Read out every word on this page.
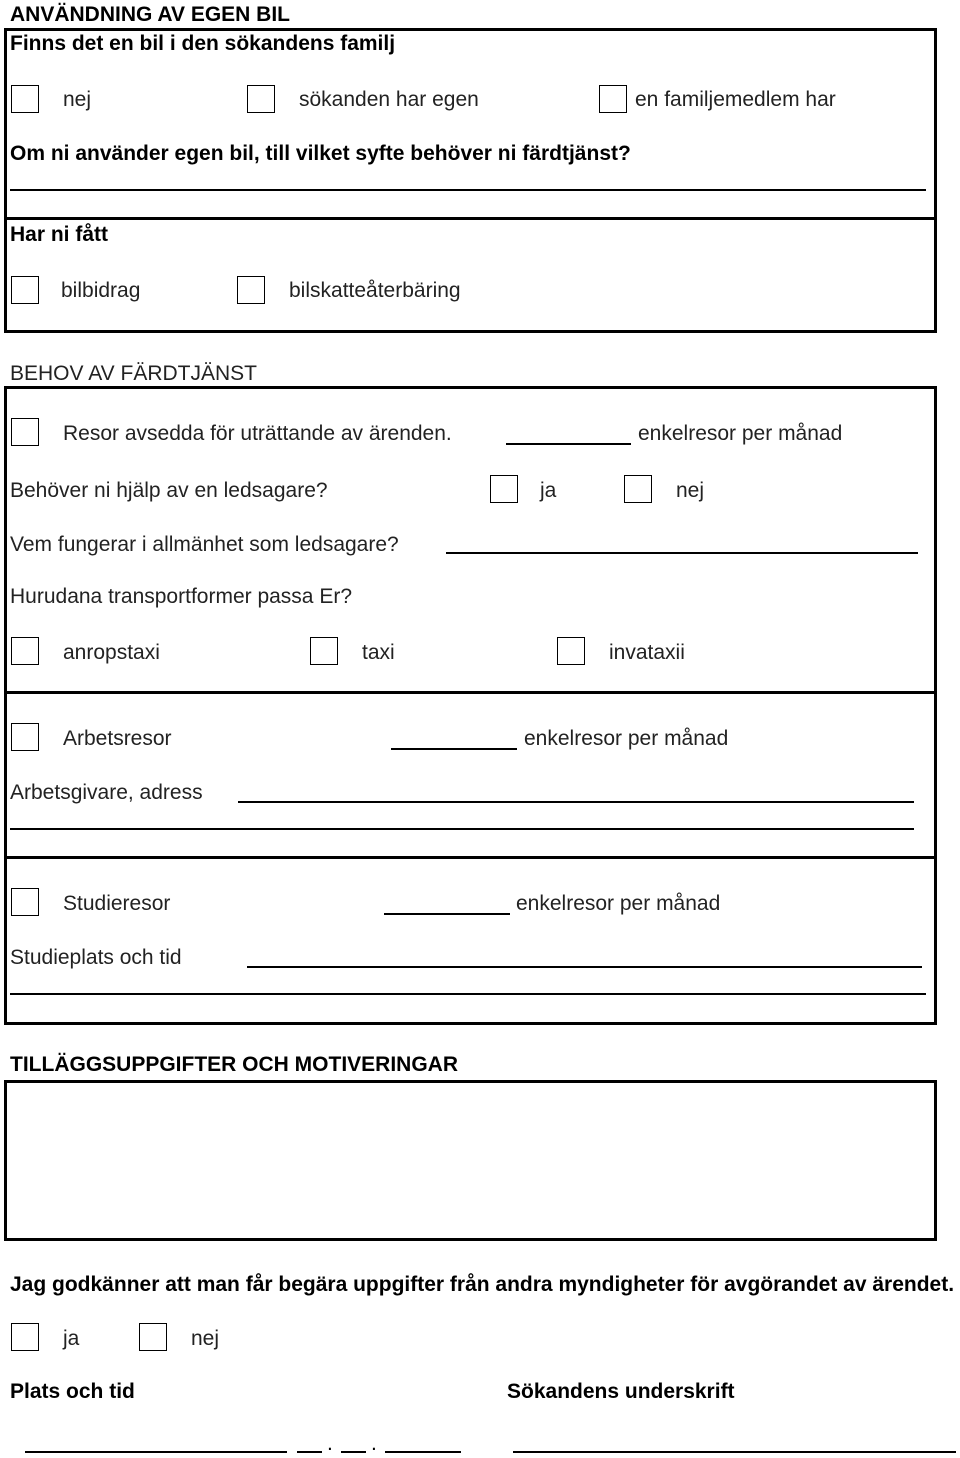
ANVÄNDNING AV EGEN BIL
Finns det en bil i den sökandens familj
nej	sökanden har egen	en familjemedlem har
Om ni använder egen bil, till vilket syfte behöver ni färdtjänst?
Har ni fått
bilbidrag	bilskatteåterbäring
BEHOV AV FÄRDTJÄNST
Resor avsedda för uträttande av ärenden.	enkelresor per månad
Behöver ni hjälp av en ledsagare?	ja	nej
Vem fungerar i allmänhet som ledsagare?
Hurudana transportformer passa Er?
anropstaxi	taxi	invataxii
Arbetsresor	enkelresor per månad
Arbetsgivare, adress
Studieresor	enkelresor per månad
Studieplats och tid
TILLÄGGSUPPGIFTER OCH MOTIVERINGAR
Jag godkänner att man får begära uppgifter från andra myndigheter för avgörandet av ärendet.
ja	nej
Plats och tid	Sökandens underskrift
. .
